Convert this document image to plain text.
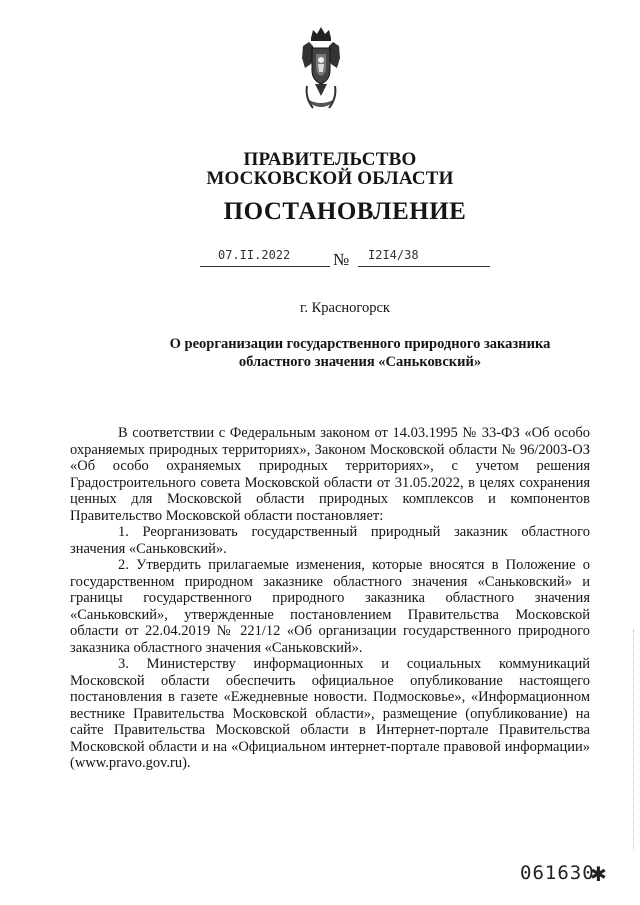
ПРАВИТЕЛЬСТВО
МОСКОВСКОЙ ОБЛАСТИ
ПОСТАНОВЛЕНИЕ
07.II.2022	№ I2I4/38
г. Красногорск
О реорганизации государственного природного заказника
областного значения «Саньковский»

В соответствии с Федеральным законом от 14.03.1995 № 33-ФЗ «Об особо охраняемых природных территориях», Законом Московской области № 96/2003-ОЗ «Об особо охраняемых природных территориях», с учетом решения Градостроительного совета Московской области от 31.05.2022, в целях сохранения ценных для Московской области природных комплексов и компонентов Правительство Московской области постановляет:

1. Реорганизовать государственный природный заказник областного значения «Саньковский».

2. Утвердить прилагаемые изменения, которые вносятся в Положение о государственном природном заказнике областного значения «Саньковский» и границы государственного природного заказника областного значения «Саньковский», утвержденные постановлением Правительства Московской области от 22.04.2019 № 221/12 «Об организации государственного природного заказника областного значения «Саньковский».

3. Министерству информационных и социальных коммуникаций Московской области обеспечить официальное опубликование настоящего постановления в газете «Ежедневные новости. Подмосковье», «Информационном вестнике Правительства Московской области», размещение (опубликование) на сайте Правительства Московской области в Интернет-портале Правительства Московской области и на «Официальном интернет-портале правовой информации» (www.pravo.gov.ru).

061630
✱
